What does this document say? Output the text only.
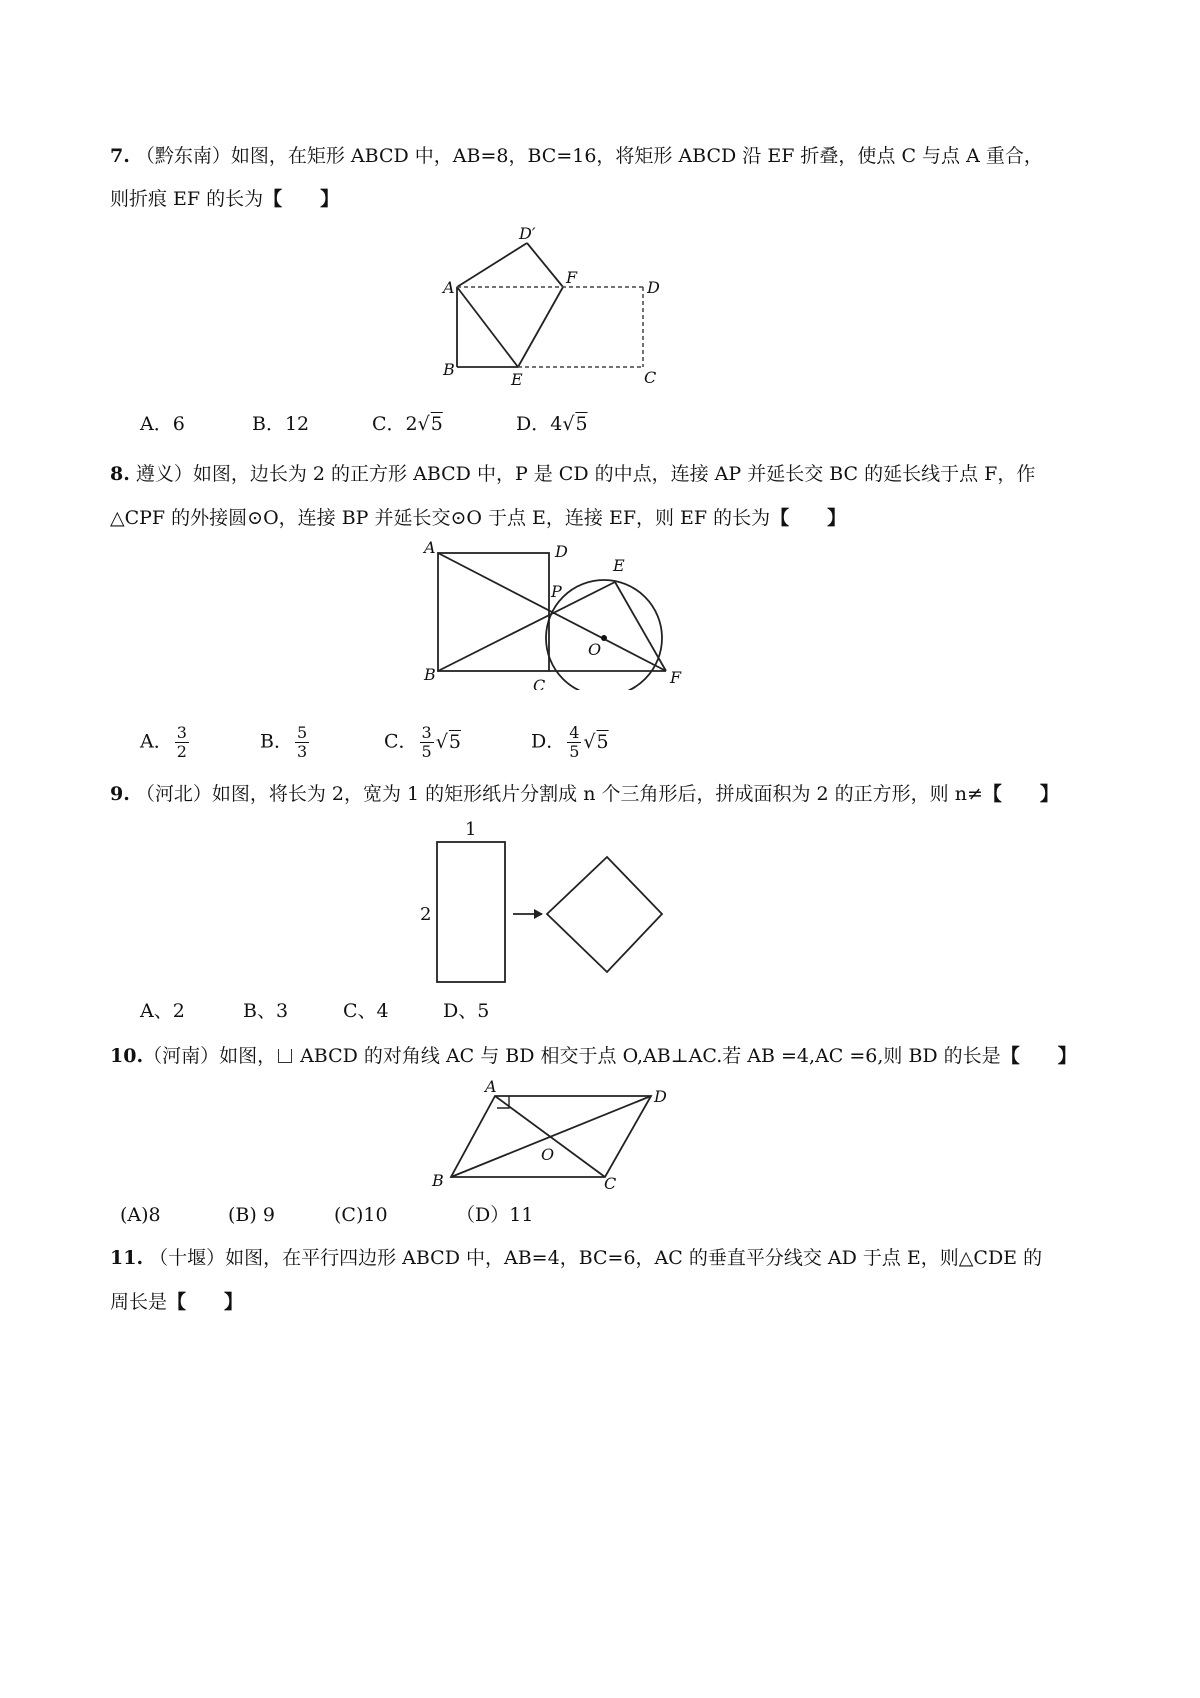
7. （黔东南）如图，在矩形 ABCD 中，AB=8，BC=16，将矩形 ABCD 沿 EF 折叠，使点 C 与点 A 重合，
则折痕 EF 的长为【　　】
A
B	C
D
D′
E
F
A．6	B．12	C．2√5	D．4√5
8. 遵义）如图，边长为 2 的正方形 ABCD 中，P 是 CD 的中点，连接 AP 并延长交 BC 的延长线于点 F，作
△CPF 的外接圆⊙O，连接 BP 并延长交⊙O 于点 E，连接 EF，则 EF 的长为【　　】
A
B
C
D
E
F
O
P
A． $\frac{3}{2}$	B． $\frac{5}{3}$	C． $\frac{3}{5} √5$	D． $\frac{4}{5} √5$
9. （河北）如图，将长为 2，宽为 1 的矩形纸片分割成 n 个三角形后，拼成面积为 2 的正方形，则 n≠【　　】
1
2
A、2	B、3	C、4	D、5
10.（河南）如图， ABCD 的对角线 AC 与 BD 相交于点 O,AB⊥AC.若 AB =4,AC =6,则 BD 的长是【　　】
A
B	C
D
O
(A)8	(B) 9	(C)10	（D）11
11. （十堰）如图，在平行四边形 ABCD 中，AB=4，BC=6，AC 的垂直平分线交 AD 于点 E，则△CDE 的
周长是【　　】
